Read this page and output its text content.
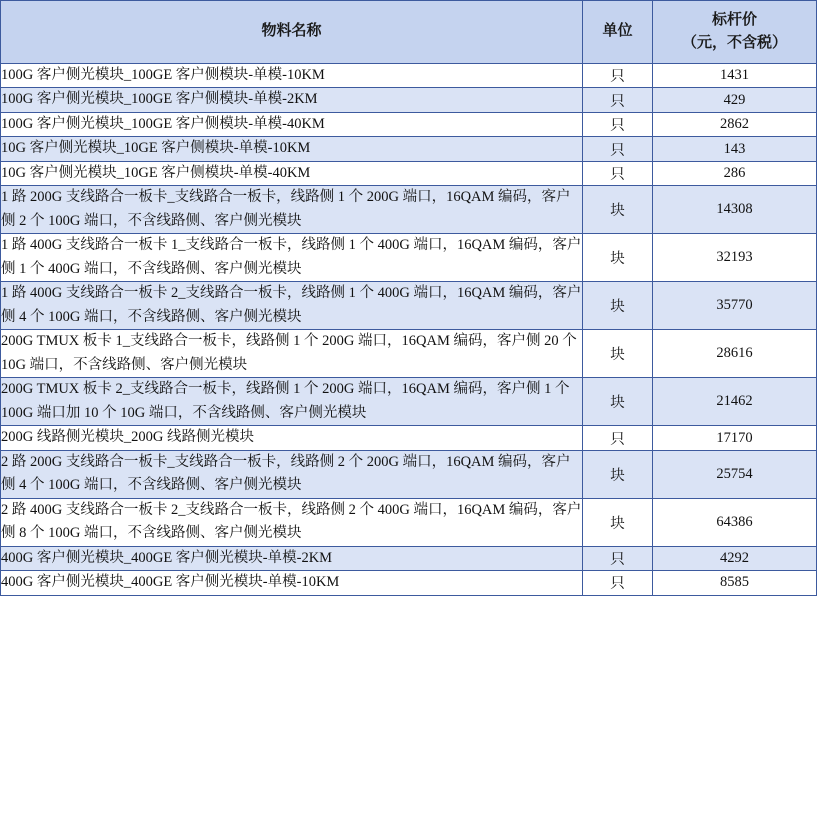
物料名称	单位	标杆价
（元，不含税）

100G 客户侧光模块_100GE 客户侧模块-单模-10KM	只	1431
100G 客户侧光模块_100GE 客户侧模块-单模-2KM	只	429
100G 客户侧光模块_100GE 客户侧模块-单模-40KM	只	2862
10G 客户侧光模块_10GE 客户侧模块-单模-10KM	只	143
10G 客户侧光模块_10GE 客户侧模块-单模-40KM	只	286
1 路 200G 支线路合一板卡_支线路合一板卡，线路侧 1 个 200G 端口，16QAM 编码，客户侧 2 个 100G 端口，不含线路侧、客户侧光模块	块	14308
1 路 400G 支线路合一板卡 1_支线路合一板卡，线路侧 1 个 400G 端口，16QAM 编码，客户侧 1 个 400G 端口，不含线路侧、客户侧光模块	块	32193
1 路 400G 支线路合一板卡 2_支线路合一板卡，线路侧 1 个 400G 端口，16QAM 编码，客户侧 4 个 100G 端口，不含线路侧、客户侧光模块	块	35770
200G TMUX 板卡 1_支线路合一板卡，线路侧 1 个 200G 端口，16QAM 编码，客户侧 20 个 10G 端口，不含线路侧、客户侧光模块	块	28616
200G TMUX 板卡 2_支线路合一板卡，线路侧 1 个 200G 端口，16QAM 编码，客户侧 1 个 100G 端口加 10 个 10G 端口，不含线路侧、客户侧光模块	块	21462
200G 线路侧光模块_200G 线路侧光模块	只	17170
2 路 200G 支线路合一板卡_支线路合一板卡，线路侧 2 个 200G 端口，16QAM 编码，客户侧 4 个 100G 端口，不含线路侧、客户侧光模块	块	25754
2 路 400G 支线路合一板卡 2_支线路合一板卡，线路侧 2 个 400G 端口，16QAM 编码，客户侧 8 个 100G 端口，不含线路侧、客户侧光模块	块	64386
400G 客户侧光模块_400GE 客户侧光模块-单模-2KM	只	4292
400G 客户侧光模块_400GE 客户侧光模块-单模-10KM	只	8585
